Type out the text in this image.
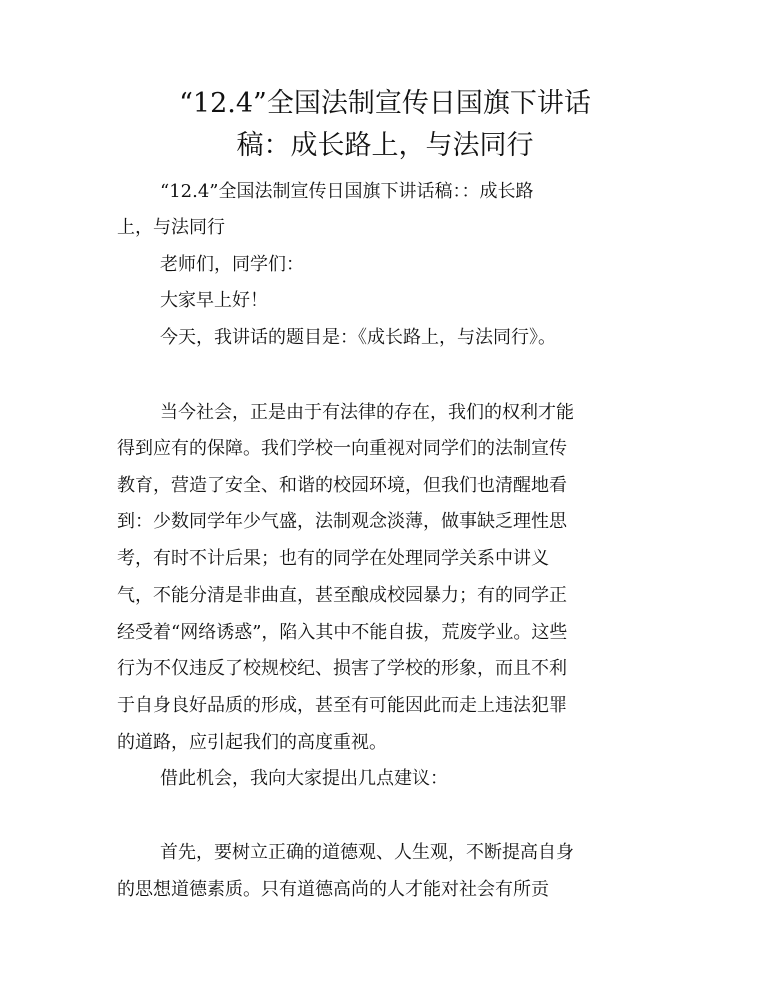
“12.4”全国法制宣传日国旗下讲话
稿：成长路上，与法同行

“12.4”全国法制宣传日国旗下讲话稿：：成长路

上，与法同行

老师们，同学们：

大家早上好！

今天，我讲话的题目是：《成长路上，与法同行》。

当今社会，正是由于有法律的存在，我们的权利才能

得到应有的保障。我们学校一向重视对同学们的法制宣传

教育，营造了安全、和谐的校园环境，但我们也清醒地看

到：少数同学年少气盛，法制观念淡薄，做事缺乏理性思

考，有时不计后果；也有的同学在处理同学关系中讲义

气，不能分清是非曲直，甚至酿成校园暴力；有的同学正

经受着“网络诱惑”，陷入其中不能自拔，荒废学业。这些

行为不仅违反了校规校纪、损害了学校的形象，而且不利

于自身良好品质的形成，甚至有可能因此而走上违法犯罪

的道路，应引起我们的高度重视。

借此机会，我向大家提出几点建议：

首先，要树立正确的道德观、人生观，不断提高自身

的思想道德素质。只有道德高尚的人才能对社会有所贡
